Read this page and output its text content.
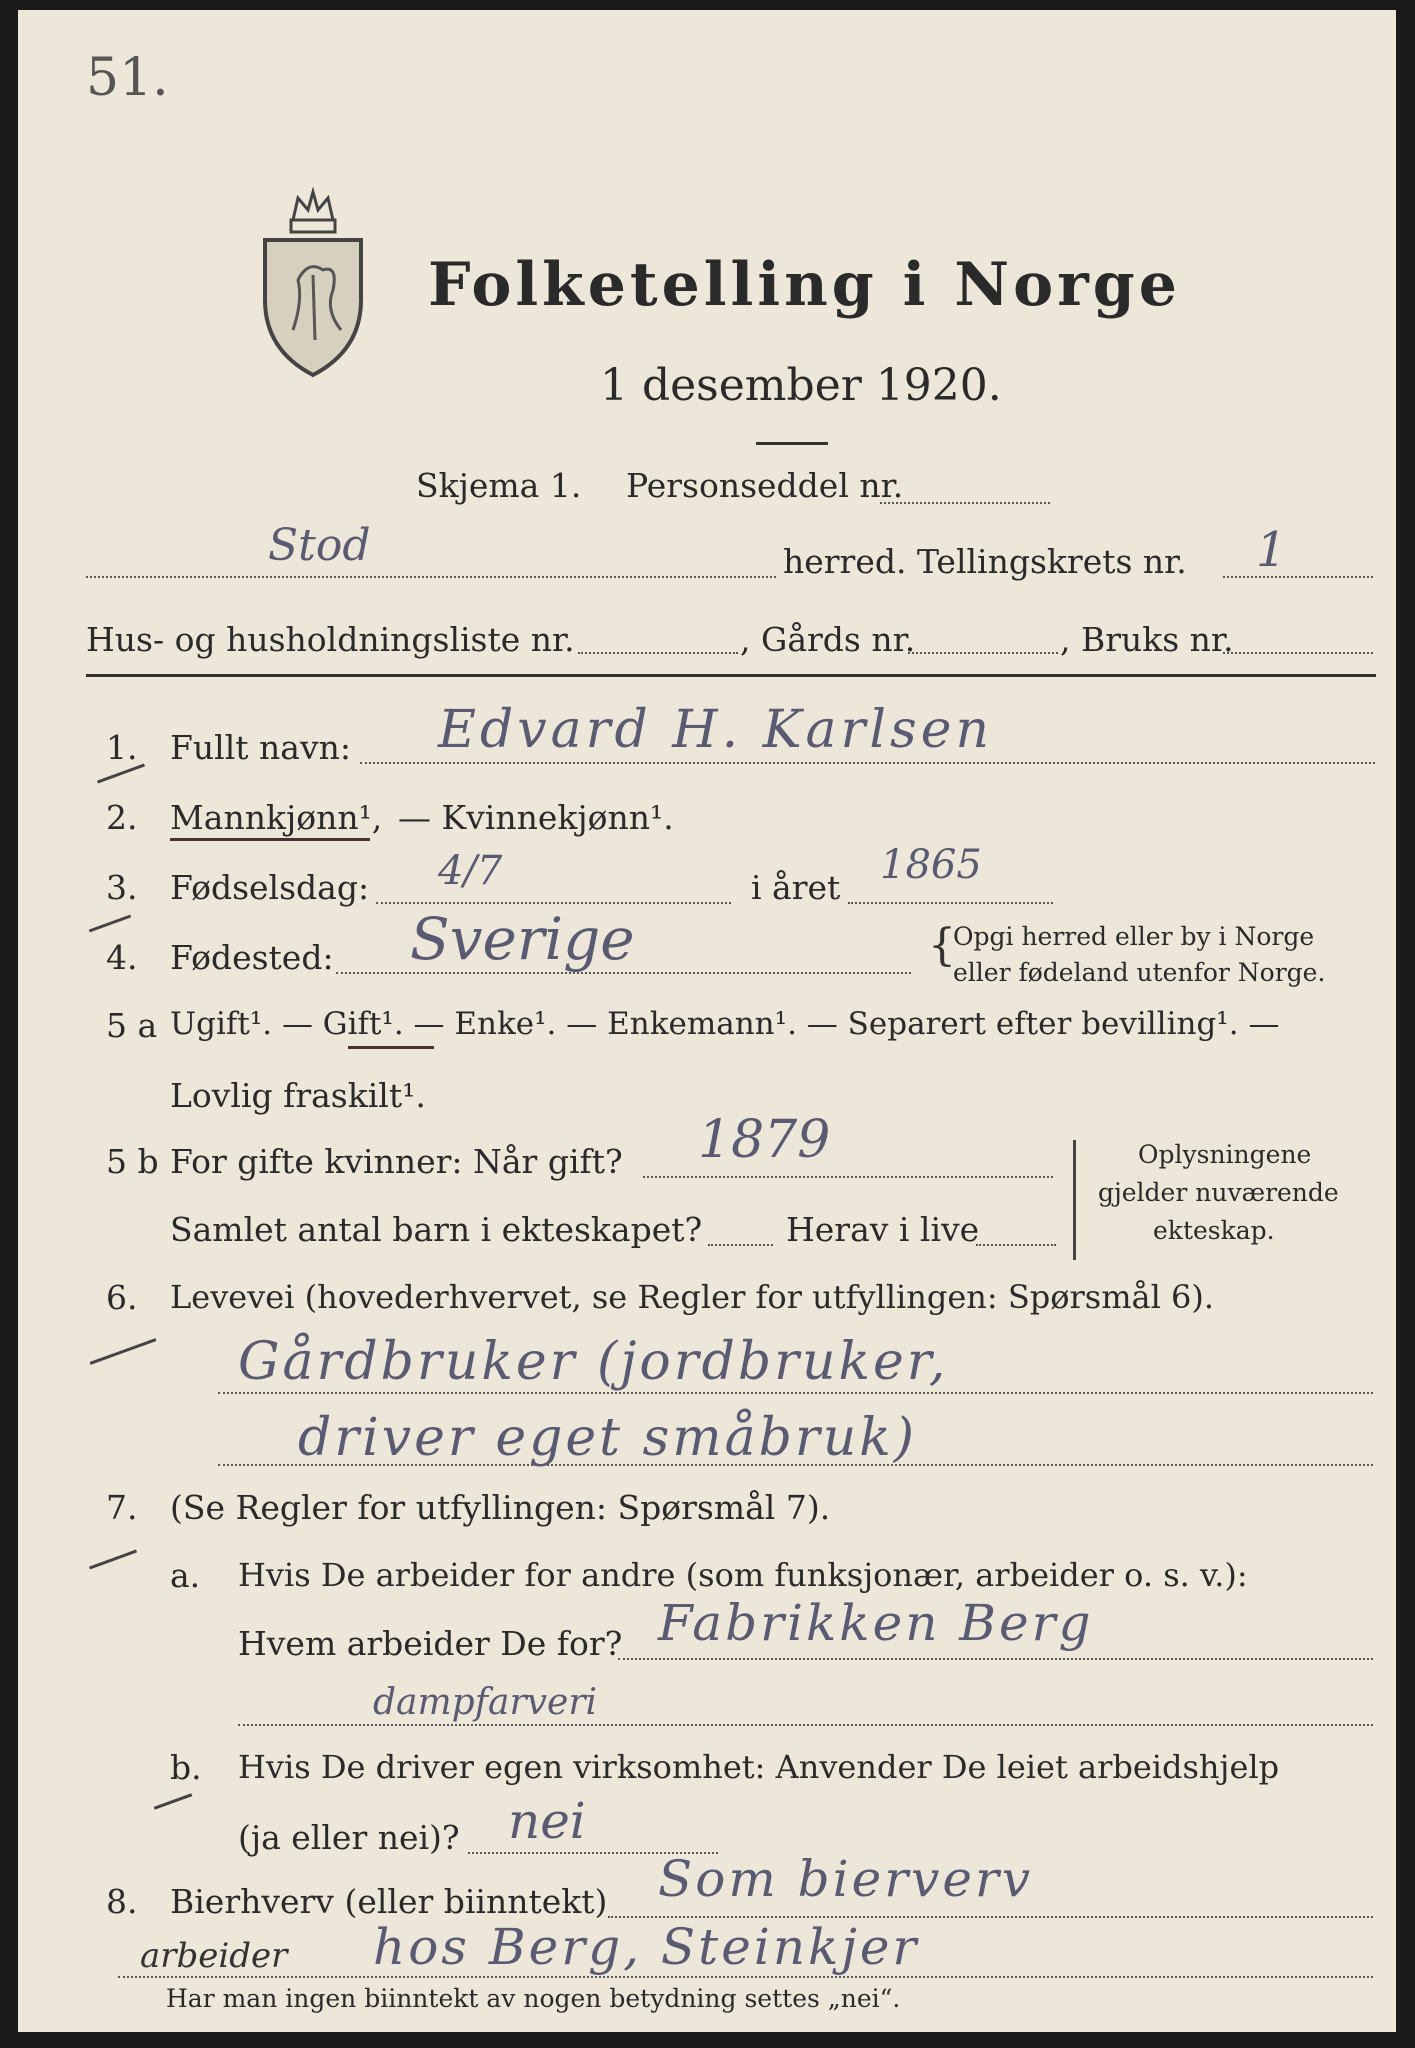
51.
Folketelling i Norge
1 desember 1920.
Skjema 1. Personseddel nr.
Stod	herred. Tellingskrets nr. 1
Hus- og husholdningsliste nr.	, Gårds nr.	, Bruks nr.
1. Fullt navn: Edvard H. Karlsen
2. Mannkjønn¹, — Kvinnekjønn¹.
3. Fødselsdag: 4/7	i året 1865
4. Fødested: Sverige	{
Opgi herred eller by i Norge
eller fødeland utenfor Norge.
5 a Ugift¹. — Gift¹. — Enke¹. — Enkemann¹. — Separert efter bevilling¹. —
Lovlig fraskilt¹.
5 b For gifte kvinner: Når gift? 1879
Samlet antal barn i ekteskapet?	Herav i live
Oplysningene
gjelder nuværende
ekteskap.
6. Levevei (hovederhvervet, se Regler for utfyllingen: Spørsmål 6).
Gårdbruker (jordbruker,
driver eget småbruk)
7. (Se Regler for utfyllingen: Spørsmål 7).
a. Hvis De arbeider for andre (som funksjonær, arbeider o. s. v.):
Hvem arbeider De for? Fabrikken Berg
dampfarveri
b. Hvis De driver egen virksomhet: Anvender De leiet arbeidshjelp
(ja eller nei)? nei
8. Bierhverv (eller biinntekt) Som bierverv
arbeider hos Berg, Steinkjer
Har man ingen biinntekt av nogen betydning settes „nei“.
